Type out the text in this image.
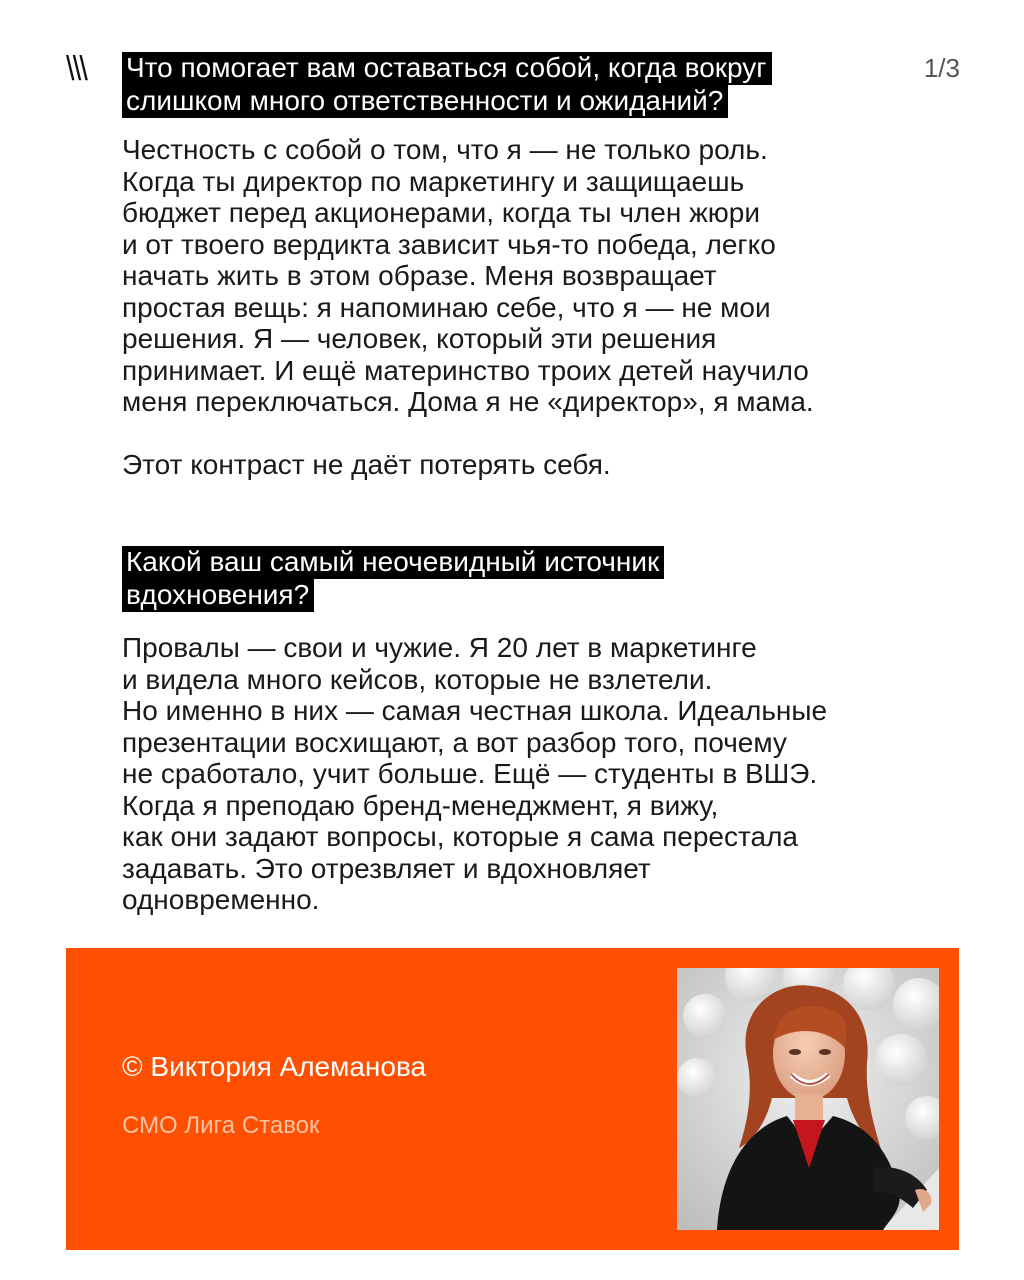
\\\	1/3
Что помогает вам оставаться собой, когда вокруг
слишком много ответственности и ожиданий?

Честность с собой о том, что я — не только роль.
Когда ты директор по маркетингу и защищаешь
бюджет перед акционерами, когда ты член жюри
и от твоего вердикта зависит чья-то победа, легко
начать жить в этом образе. Меня возвращает
простая вещь: я напоминаю себе, что я — не мои
решения. Я — человек, который эти решения
принимает. И ещё материнство троих детей научило
меня переключаться. Дома я не «директор», я мама.

Этот контраст не даёт потерять себя.

Какой ваш самый неочевидный источник
вдохновения?

Провалы — свои и чужие. Я 20 лет в маркетинге
и видела много кейсов, которые не взлетели.
Но именно в них — самая честная школа. Идеальные
презентации восхищают, а вот разбор того, почему
не сработало, учит больше. Ещё — студенты в ВШЭ.
Когда я преподаю бренд-менеджмент, я вижу,
как они задают вопросы, которые я сама перестала
задавать. Это отрезвляет и вдохновляет
одновременно.

© Виктория Алеманова
СМО Лига Ставок
